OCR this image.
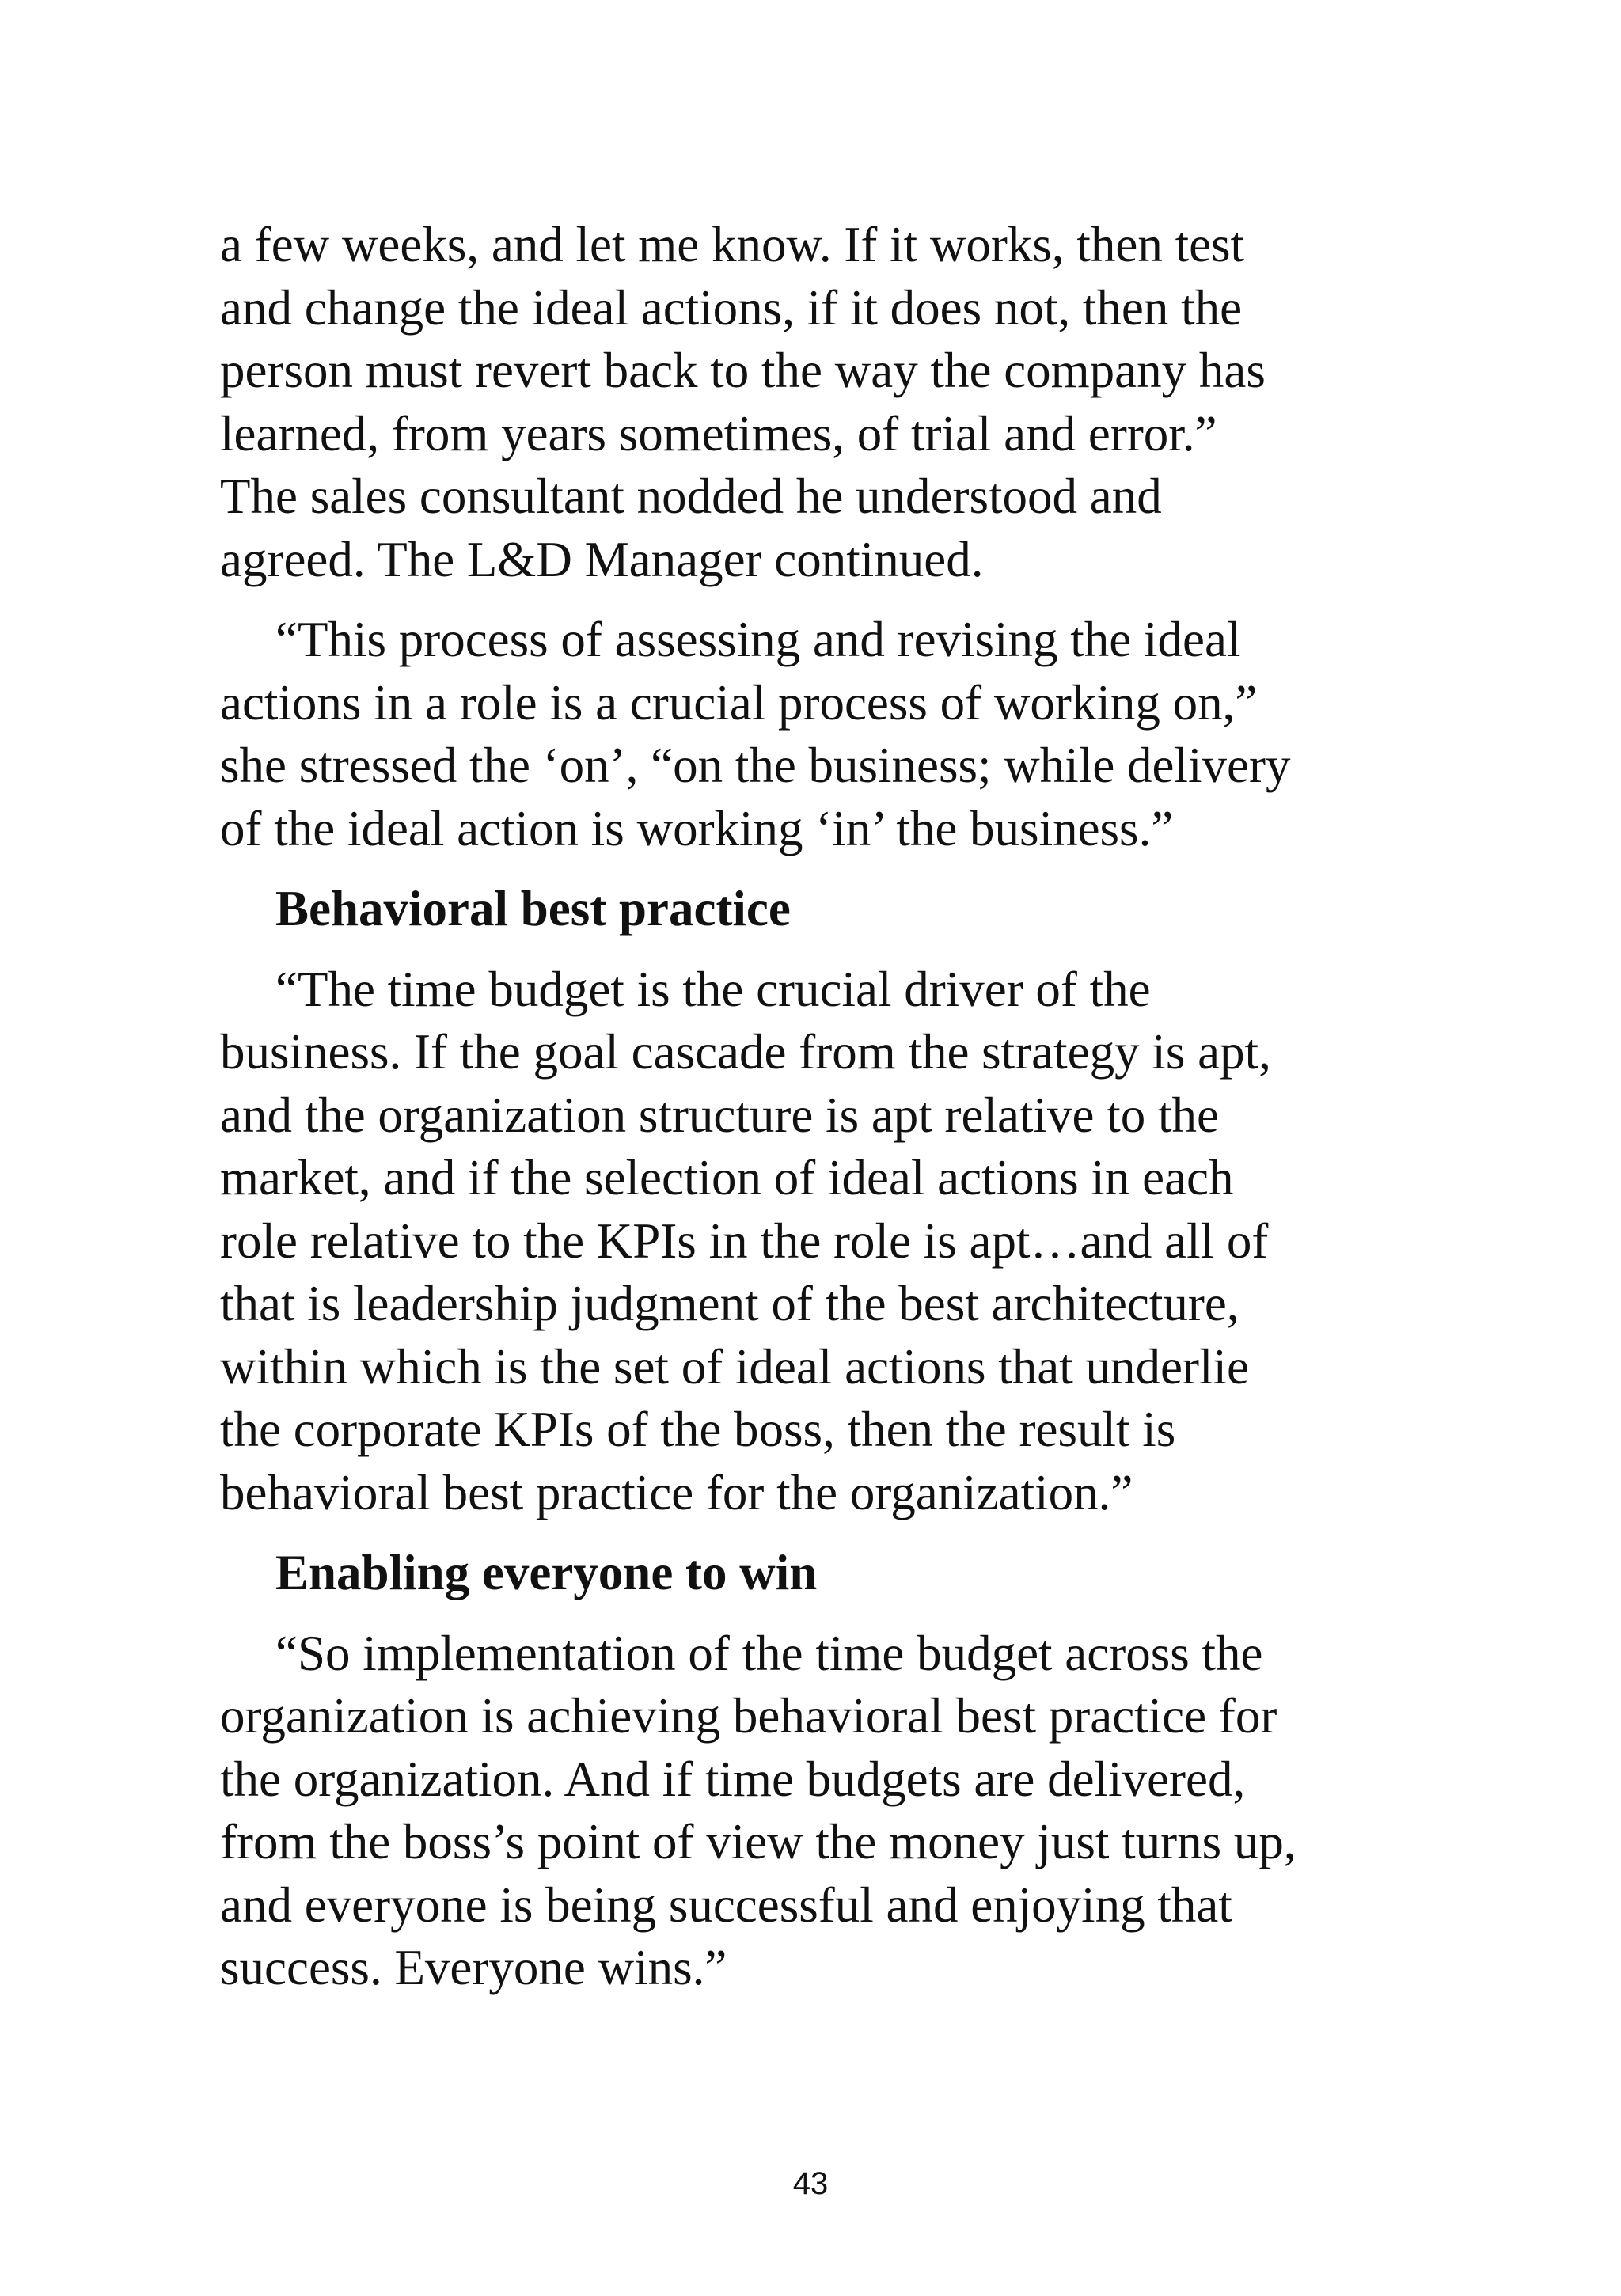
a few weeks, and let me know. If it works, then test
and change the ideal actions, if it does not, then the
person must revert back to the way the company has
learned, from years sometimes, of trial and error.”
The sales consultant nodded he understood and
agreed. The L&D Manager continued.

“This process of assessing and revising the ideal
actions in a role is a crucial process of working on,”
she stressed the ‘on’, “on the business; while delivery
of the ideal action is working ‘in’ the business.”

Behavioral best practice

“The time budget is the crucial driver of the
business. If the goal cascade from the strategy is apt,
and the organization structure is apt relative to the
market, and if the selection of ideal actions in each
role relative to the KPIs in the role is apt…and all of
that is leadership judgment of the best architecture,
within which is the set of ideal actions that underlie
the corporate KPIs of the boss, then the result is
behavioral best practice for the organization.”

Enabling everyone to win

“So implementation of the time budget across the
organization is achieving behavioral best practice for
the organization. And if time budgets are delivered,
from the boss’s point of view the money just turns up,
and everyone is being successful and enjoying that
success. Everyone wins.”

43
